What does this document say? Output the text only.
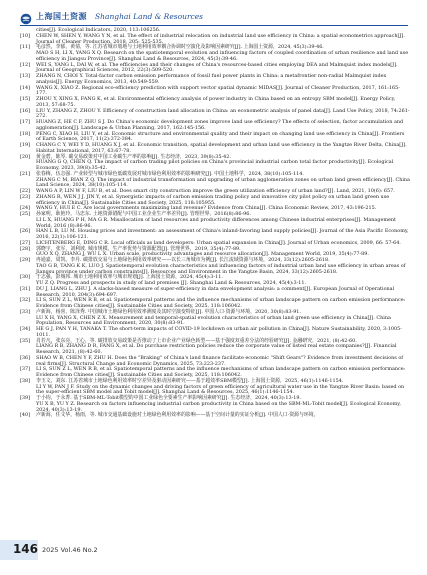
上海国土资源 Shanghai Land & Resources
cities[J]. Ecological Indicators, 2020, 113:106256.
[10] CHEN W, SHEN Y, WANG Y N, et al. The effect of industrial relocation on industrial land use efficiency in China: a spatial econometrics approach[J]. Journal of Cleaner Production, 2018, 205: 525-535.
[11] 毛彦然，李郁，黄倩，等. 江苏省城市划地与土地利用效率耦合协调时空演化及影响因素研究[J]. 上海国土资源，2024, 45(3):39-46.
MAO S H, LI X, YANG X Q. Research on the spatiotemporal evolution and influencing factors of coupled coordination of urban resilience and land use efficiency in Jiangsu Province[J]. Shanghai Land & Resources, 2024, 45(3):39-46.
[12] WEI S, YANG L, DAI W, et al. The efficiencies and their changes of China's resources-based cities employing DEA and Malmquist index models[J]. Journal of Geographical Sciences, 2012, 22(3):509-520.
[13] ZHANG N, CHOI Y. Total-factor carbon emission performance of fossil fuel power plants in China: a metafrontier non-radial Malmquist index analysis[J]. Energy Economics, 2013, 40:549-559.
[14] WANG X, XIAO Z. Regional eco-efficiency prediction with support vector spatial dynamic MIDAS[J]. Journal of Cleaner Production, 2017, 161:165-177.
[15] ZHOU Y, XING X, FANG K, et al. Environmental efficiency analysis of power industry in China based on an entropy SBM model[J]. Energy Policy, 2013, 57:68-75.
[16] LIU Y, ZHANG Z, ZHOU Y. Efficiency of construction land allocation in China: an econometric analysis of panel data[J]. Land Use Policy, 2018, 74:261-272.
[17] HUANG Z, HE C F, ZHU S J. Do China's economic development zones improve land use efficiency? The effects of selection, factor accumulation and agglomeration[J]. Landscape & Urban Planning, 2017, 162:145-156.
[18] PENG C, XIAO H, LIU Y, et al. Economic structure and environmental quality and their impact on changing land use efficiency in China[J]. Frontiers of Earth Science, 2017, 11(2):372-384.
[19] CHANG C Y, WEI Y D, HUANG X J, et al. Economic transition, spatial development and urban land use efficiency in the Yangtze River Delta, China[J]. Habitat International, 2017, 63:67-78.
[20] 黄金碧，陈琴. 碳交易政策对中国工业碳生产率的影响[J]. 生态经济，2023, 39(8):35-42.
HUANG G Q, CHEN Q. The impact of carbon trading pilot policies on China's provincial industrial carbon total factor productivity[J]. Ecological Economy, 2023, 39(8):35-42.
[21] 张春梅，伍志强. 产业转型与城市绿色低碳发展对城市绿色利用效率的影响研究[J]. 中国土地科学，2024, 38(10):105-114.
ZHANG C M, BIAN Z Q. The impact of industrial transformation and upgrading of urban agglomeration zones on urban land green efficiency[J]. China Land Science, 2024, 38(10):105-114.
[22] WANG A P, LIN W F, LIU B, et al. Does smart city construction improve the green utilization efficiency of urban land?[J]. Land, 2021, 10(6): 657.
[23] ZHANG R, WEN J J, JIN Y, et al. Synergistic impacts of carbon emission trading policy and innovative city pilot policy on urban land green use efficiency in China[J]. Sustainable Cities and Society, 2025, 118:105955.
[24] WANG Y, HUI E C. Are local governments maximizing land revenue? Evidence from China[J]. China Economic Review, 2017, 43:196-215.
[25] 孙家明，耿艳玲，马忠东. 土地资源错配与中国工业企业生产率差异[J]. 管理世界，2016(8):86-96.
LI L X, HUANG P H, MA G R. Misallocation of land resources and productivity differences among Chinese industrial enterprises[J]. Management World, 2016 (8):86-96.
[26] HAN L B, LU M. Housing prices and investment: an assessment of China's inland-favoring land supply policies[J]. Journal of the Asia Pacific Economy, 2016, 22(1):106-121.
[27] LICHTENBERG E, DING C R. Local officials as land developers: Urban spatial expansion in China[J]. Journal of Urban economics, 2009, 66: 57-64.
[28] 郭晓宇，张军，刘利坡. 城市规模、生产率优势与资源配置[J]. 管理世界，2019, 35(4):77-89.
GUO X Q, ZHANG J, WU L X. Urban scale, productivity advantages and resource allocation[J]. Management World, 2019, 35(4):77-89.
[29] 冉通嘉，周凯，李丹. 碳排放交易与土地绿色利用效率研究——以长三角城市为例[J]. 长江流域资源与环境，2024, 33(12):2605-2618.
TAO G B, TANG K K, LUO J. Spatiotemporal evolution characteristics and influencing factors of industrial urban land use efficiency in urban areas of Jiangsu province under carbon constraints[J]. Resources and Environment in the Yangtze Basin, 2024, 33(12):2605-2618.
[30] 于志强，彭城邦. 城市土地利用效率与城市规划[J]. 上海国土资源，2024, 45(4):3-11.
YU Z Q. Progress and prospects in study of land premises [J]. Shanghai Land & Resources, 2024, 45(4):3-11.
[31] DU J, LIANG L, ZHU J. A slacks-based measure of super-efficiency in data envelopment analysis: a comment[J]. European Journal of Operational Research, 2010, 204(3):694-697.
[32] LI S, SUN Z L, WEN R B, et al. Spatiotemporal patterns and the influence mechanisms of urban landscape pattern on carbon emission performance: Evidence from Chinese cities[J]. Sustainable Cities and Society, 2025, 118:106042.
[33] 卢新海，杨喜，陈泽秀. 中国城市土地绿色利用效率测度及其时空演变特征[J]. 中国人口·资源与环境，2020, 30(8):83-91.
LU X H, YANG X, CHEN Z X. Measurement and temporal-spatial evolution characteristics of urban land green use efficiency in China[J]. China Population, Resources and Environment, 2020, 30(8):83-91.
[34] HE G J, PAN Y H, TANAKA T. The short-term impacts of COVID-19 lockdown on urban air pollution in China[J]. Nature Sustainability, 2020, 3:1005-1011.
[35] 肖若凡，张东亮，王心，等. 碳排放交易政策是否推动了上市企业产业绿色转型——基于强度双重差分法的经验研究[J]. 金融研究，2021, (8):42-60.
LIANG R B, ZHANG D R, FANG X, et al. Do purchase restriction policies reduce the corporate value of listed real estate companies?[J]. Financial Research, 2021, (8):42-60.
[36] SHAO W B, CHEN Y F, ZHU H. Does the "Braking" of China's land finance facilitate economic "Shift Gears"? Evidence from investment decisions of real firms[J]. Structural Change and Economic Dynamics, 2025, 73:223-237.
[37] LI S, SUN Z L, WEN R B, et al. Spatiotemporal patterns and the influence mechanisms of urban landscape pattern on carbon emission performance: Evidence from Chinese cities[J]. Sustainable Cities and Society, 2025, 118:106042.
[38] 李玉文，刘东. 江苏省城市土地绿色利用效率时空差异及驱动因素研究——基于超效率SBM模型[J]. 上海国土资源，2025, 46(1):1146-1154.
LI Y W, PAN J F. Study on the dynamic changes and driving factors of green efficiency of agricultural water use in the Yangtze River Basin: based on the super-efficient SBM model and Tobit model[J]. Shanghai Land & Resources, 2025, 46(1):1146-1154.
[39] 于小钧，于永菁. 基于SBM-ML-Tobit模型的中国工业绿色全要素生产率影响因素研究[J]. 生态经济，2024, 40(3):13-19.
YU X B, YU Y Z. Research on factors influencing industrial carbon productivity in China based on the SBM-ML-Tobit model[J]. Ecological Economy, 2024, 40(3):13-19.
[40] 卢新海，任文华，杨雨，等. 城市交通基础设施对土地绿色利用效率的影响——基于空间计量的实证分析[J]. 中国人口·资源与环境，
146 2025 Vol.46 No.2
